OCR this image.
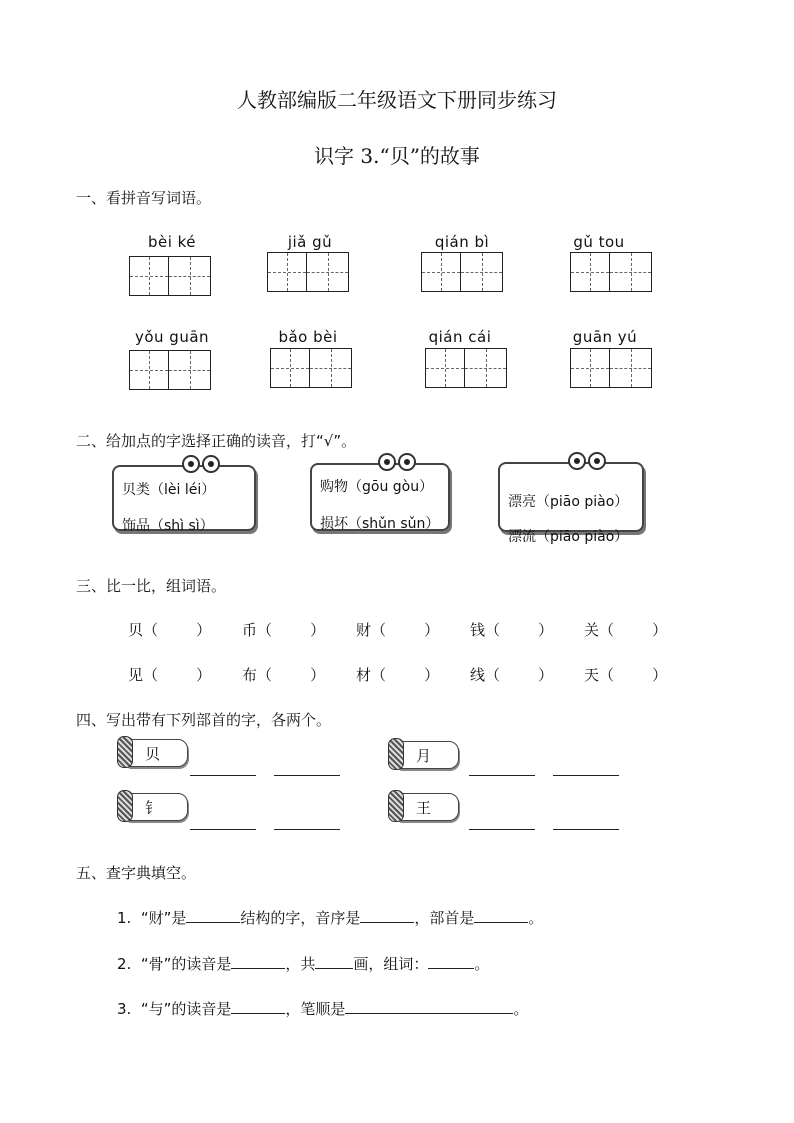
人教部编版二年级语文下册同步练习
识字 3.“贝”的故事
一、看拼音写词语。
bèi ké	jiǎ gǔ	qián bì	gǔ tou
yǒu guān	bǎo bèi	qián cái	guān yú
二、给加点的字选择正确的读音，打“√”。
贝类（lèi léi）
饰品（shì sì）
购物（gōu gòu）
损坏（shǔn sǔn）
漂亮（piāo piào）
漂流（piāo piào）
三、比一比，组词语。
贝（        ）	币（        ）	财（        ）	钱（        ）	关（        ）
见（        ）	布（        ）	材（        ）	线（        ）	天（        ）
四、写出带有下列部首的字，各两个。
贝	月
钅	王
五、查字典填空。
1.  “财”是	结构的字，音序是	，部首是	。
2.  “骨”的读音是	，共	画，组词：	。
3.  “与”的读音是	，笔顺是	。
